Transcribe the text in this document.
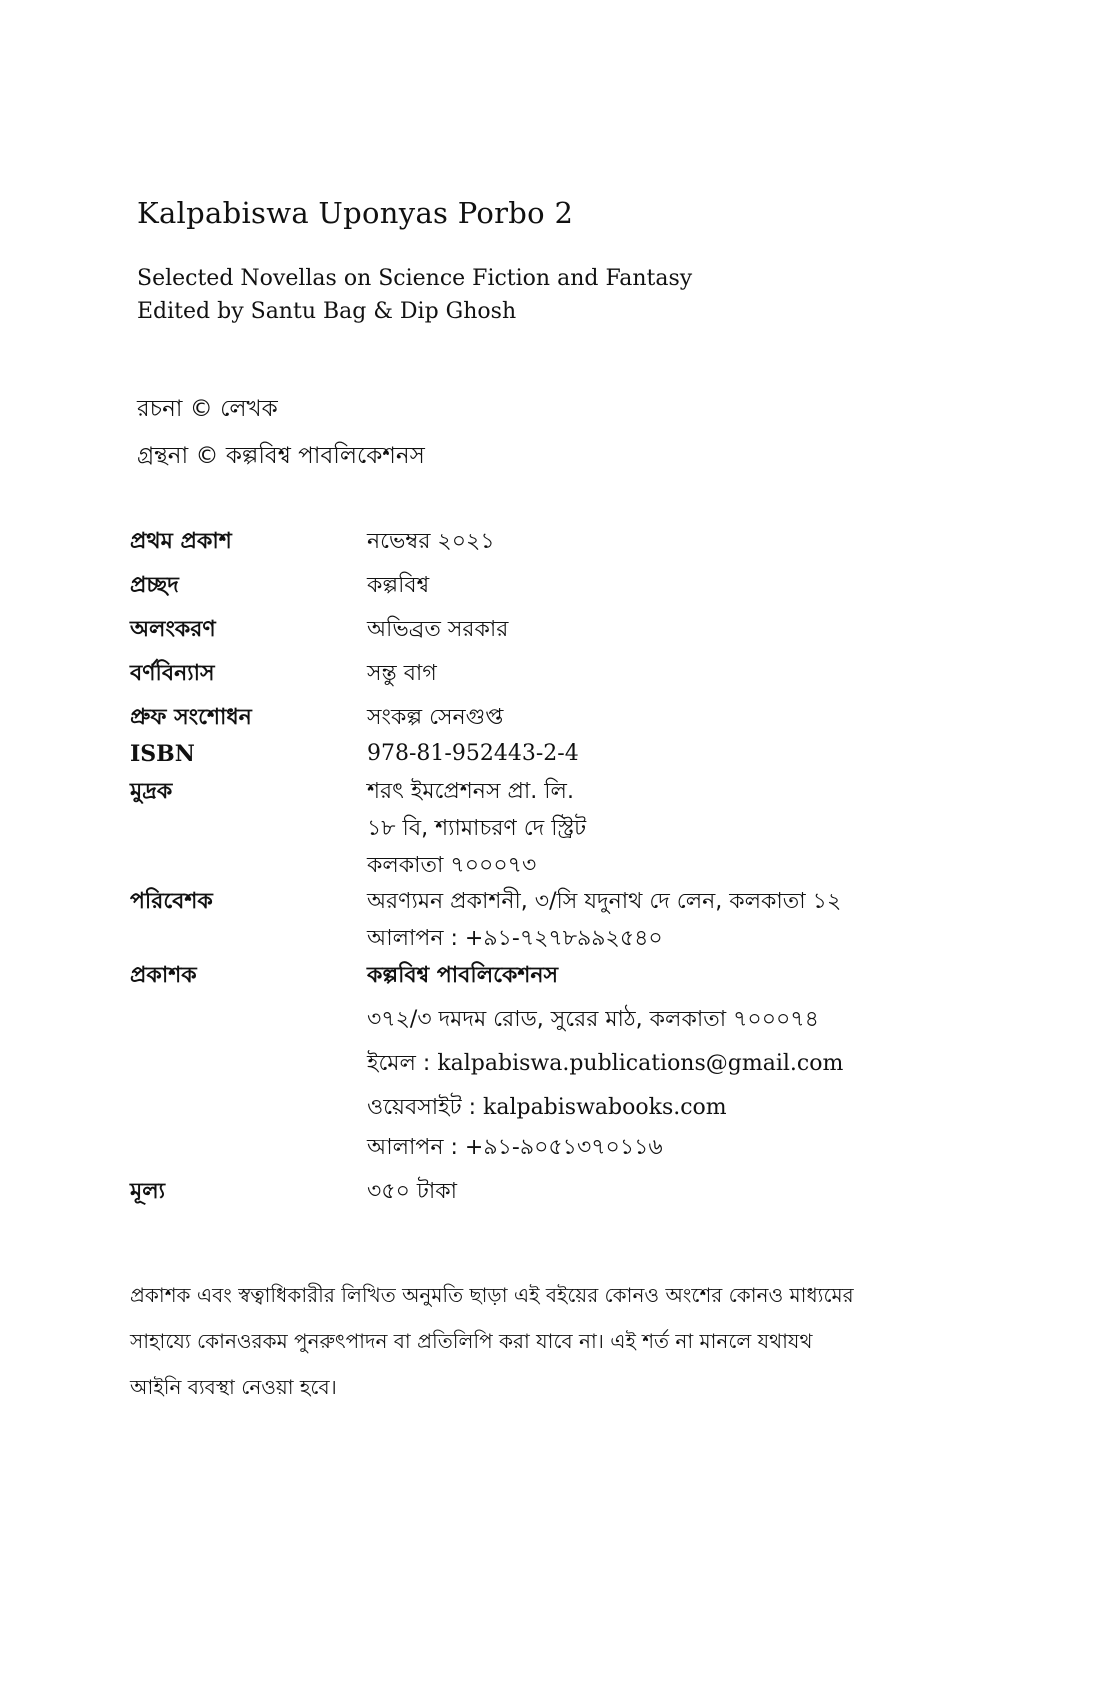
Kalpabiswa Uponyas Porbo 2
Selected Novellas on Science Fiction and Fantasy
Edited by Santu Bag & Dip Ghosh
রচনা © লেখক
গ্রন্থনা © কল্পবিশ্ব পাবলিকেশনস
প্রথম প্রকাশ	নভেম্বর ২০২১
প্রচ্ছদ	কল্পবিশ্ব
অলংকরণ	অভিব্রত সরকার
বর্ণবিন্যাস	সন্তু বাগ
প্রুফ সংশোধন	সংকল্প সেনগুপ্ত
ISBN	978-81-952443-2-4
মুদ্রক	শরৎ ইমপ্রেশনস প্রা. লি.
১৮ বি, শ্যামাচরণ দে স্ট্রিট
কলকাতা ৭০০০৭৩
পরিবেশক	অরণ্যমন প্রকাশনী, ৩/সি যদুনাথ দে লেন, কলকাতা ১২
আলাপন : +৯১-৭২৭৮৯৯২৫৪০
প্রকাশক	কল্পবিশ্ব পাবলিকেশনস
৩৭২/৩ দমদম রোড, সুরের মাঠ, কলকাতা ৭০০০৭৪
ইমেল : kalpabiswa.publications@gmail.com
ওয়েবসাইট : kalpabiswabooks.com
আলাপন : +৯১-৯০৫১৩৭০১১৬
মূল্য	৩৫০ টাকা
প্রকাশক এবং স্বত্বাধিকারীর লিখিত অনুমতি ছাড়া এই বইয়ের কোনও অংশের কোনও মাধ্যমের
সাহায্যে কোনওরকম পুনরুৎপাদন বা প্রতিলিপি করা যাবে না। এই শর্ত না মানলে যথাযথ
আইনি ব্যবস্থা নেওয়া হবে।
